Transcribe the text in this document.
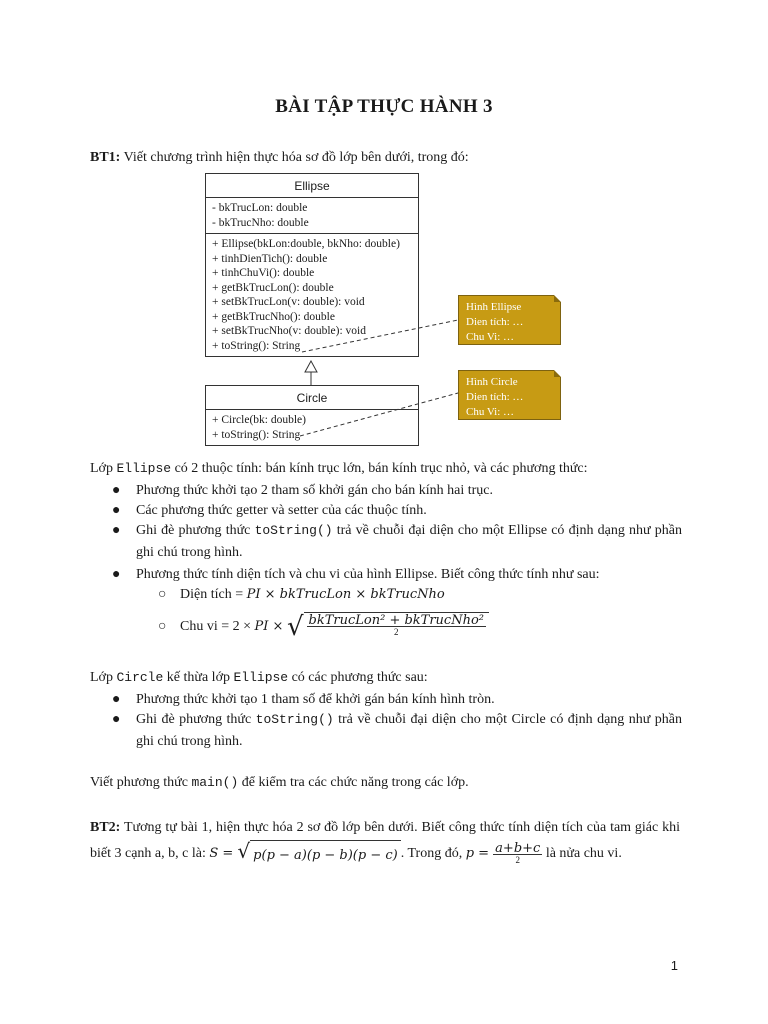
BÀI TẬP THỰC HÀNH 3
BT1: Viết chương trình hiện thực hóa sơ đồ lớp bên dưới, trong đó:
Ellipse
- bkTrucLon: double
- bkTrucNho: double
+ Ellipse(bkLon:double, bkNho: double)
+ tinhDienTich(): double
+ tinhChuVi(): double
+ getBkTrucLon(): double
+ setBkTrucLon(v: double): void
+ getBkTrucNho(): double
+ setBkTrucNho(v: double): void
+ toString(): String
Circle
+ Circle(bk: double)
+ toString(): String
Hình Ellipse
Dien tích: …
Chu Vi: …
Hình Circle
Dien tích: …
Chu Vi: …
Lớp Ellipse có 2 thuộc tính: bán kính trục lớn, bán kính trục nhỏ, và các phương thức:
●	Phương thức khởi tạo 2 tham số khởi gán cho bán kính hai trục.
●	Các phương thức getter và setter của các thuộc tính.
●	Ghi đè phương thức toString() trả về chuỗi đại diện cho một Ellipse có định dạng như phần ghi chú trong hình.
●	Phương thức tính diện tích và chu vi của hình Ellipse. Biết công thức tính như sau:
○ Diện tích = PI × bkTrucLon × bkTrucNho
○ Chu vi = 2 × PI × √ $\frac{\text{bkTrucLon² + bkTrucNho²}}{2}$
Lớp Circle kế thừa lớp Ellipse có các phương thức sau:
●	Phương thức khởi tạo 1 tham số để khởi gán bán kính hình tròn.
●	Ghi đè phương thức toString() trả về chuỗi đại diện cho một Circle có định dạng như phần ghi chú trong hình.
Viết phương thức main() để kiểm tra các chức năng trong các lớp.
BT2: Tương tự bài 1, hiện thực hóa 2 sơ đồ lớp bên dưới. Biết công thức tính diện tích của tam giác khi biết 3 cạnh a, b, c là: S = √ p(p − a)(p − b)(p − c) . Trong đó, $p = \frac{a+b+c}{2}$ là nửa chu vi.
1
